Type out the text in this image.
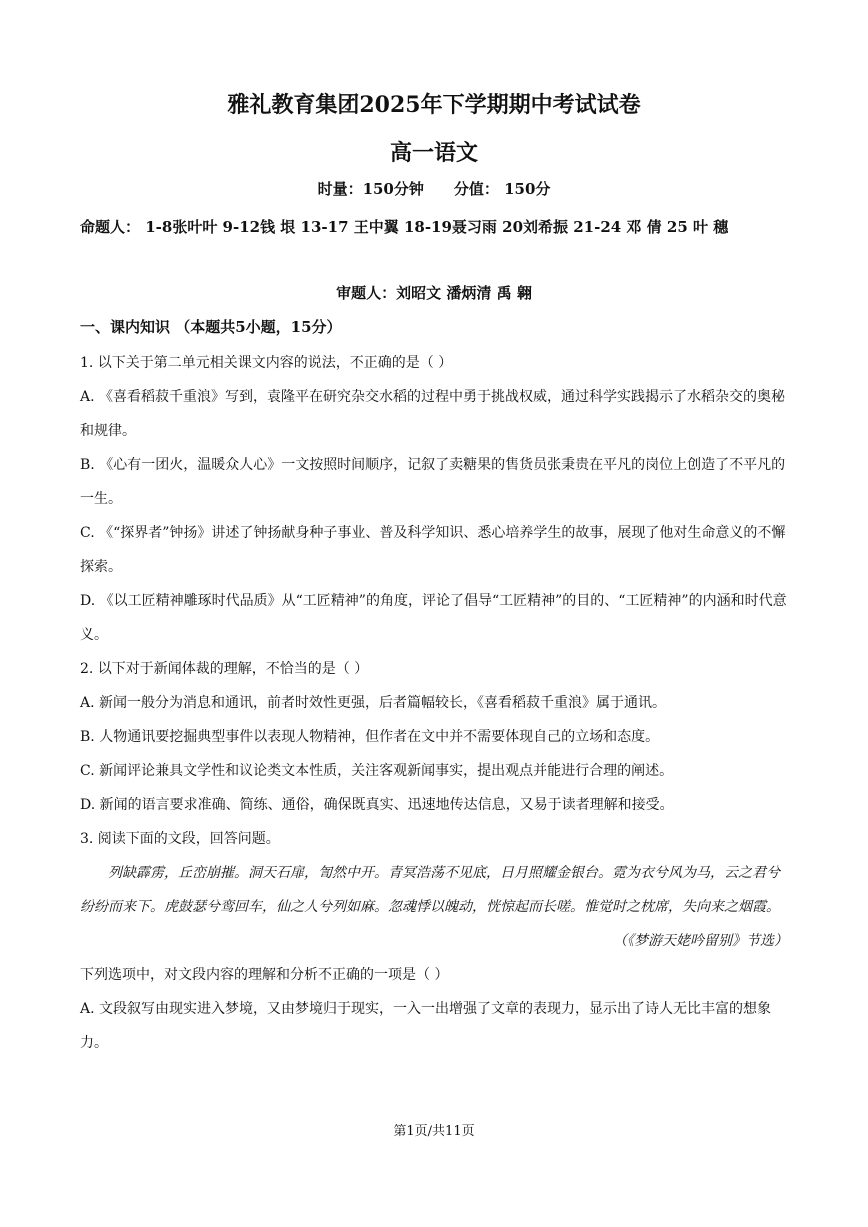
雅礼教育集团2025年下学期期中考试试卷
高一语文
时量：150分钟 分值： 150分
命题人： 1-8张叶叶 9-12钱 垠 13-17 王中翼 18-19聂习雨 20刘希振 21-24 邓 倩 25 叶 穗
审题人：刘昭文 潘炳清 禹 翱
一、课内知识 （本题共5小题，15分）

1. 以下关于第二单元相关课文内容的说法，不正确的是（ ）

A. 《喜看稻菽千重浪》写到，袁隆平在研究杂交水稻的过程中勇于挑战权威，通过科学实践揭示了水稻杂交的奥秘和规律。

B. 《心有一团火，温暖众人心》一文按照时间顺序，记叙了卖糖果的售货员张秉贵在平凡的岗位上创造了不平凡的一生。

C. 《“探界者”钟扬》讲述了钟扬献身种子事业、普及科学知识、悉心培养学生的故事，展现了他对生命意义的不懈探索。

D. 《以工匠精神雕琢时代品质》从“工匠精神”的角度，评论了倡导“工匠精神”的目的、“工匠精神”的内涵和时代意义。

2. 以下对于新闻体裁的理解，不恰当的是（ ）

A. 新闻一般分为消息和通讯，前者时效性更强，后者篇幅较长，《喜看稻菽千重浪》属于通讯。

B. 人物通讯要挖掘典型事件以表现人物精神，但作者在文中并不需要体现自己的立场和态度。

C. 新闻评论兼具文学性和议论类文本性质，关注客观新闻事实，提出观点并能进行合理的阐述。

D. 新闻的语言要求准确、简练、通俗，确保既真实、迅速地传达信息，又易于读者理解和接受。

3. 阅读下面的文段，回答问题。

列缺霹雳，丘峦崩摧。洞天石扉，訇然中开。青冥浩荡不见底，日月照耀金银台。霓为衣兮风为马，云之君兮纷纷而来下。虎鼓瑟兮鸾回车，仙之人兮列如麻。忽魂悸以魄动，恍惊起而长嗟。惟觉时之枕席，失向来之烟霞。

（《梦游天姥吟留别》节选）

下列选项中，对文段内容的理解和分析不正确的一项是（ ）

A. 文段叙写由现实进入梦境，又由梦境归于现实，一入一出增强了文章的表现力，显示出了诗人无比丰富的想象力。

第1页/共11页
